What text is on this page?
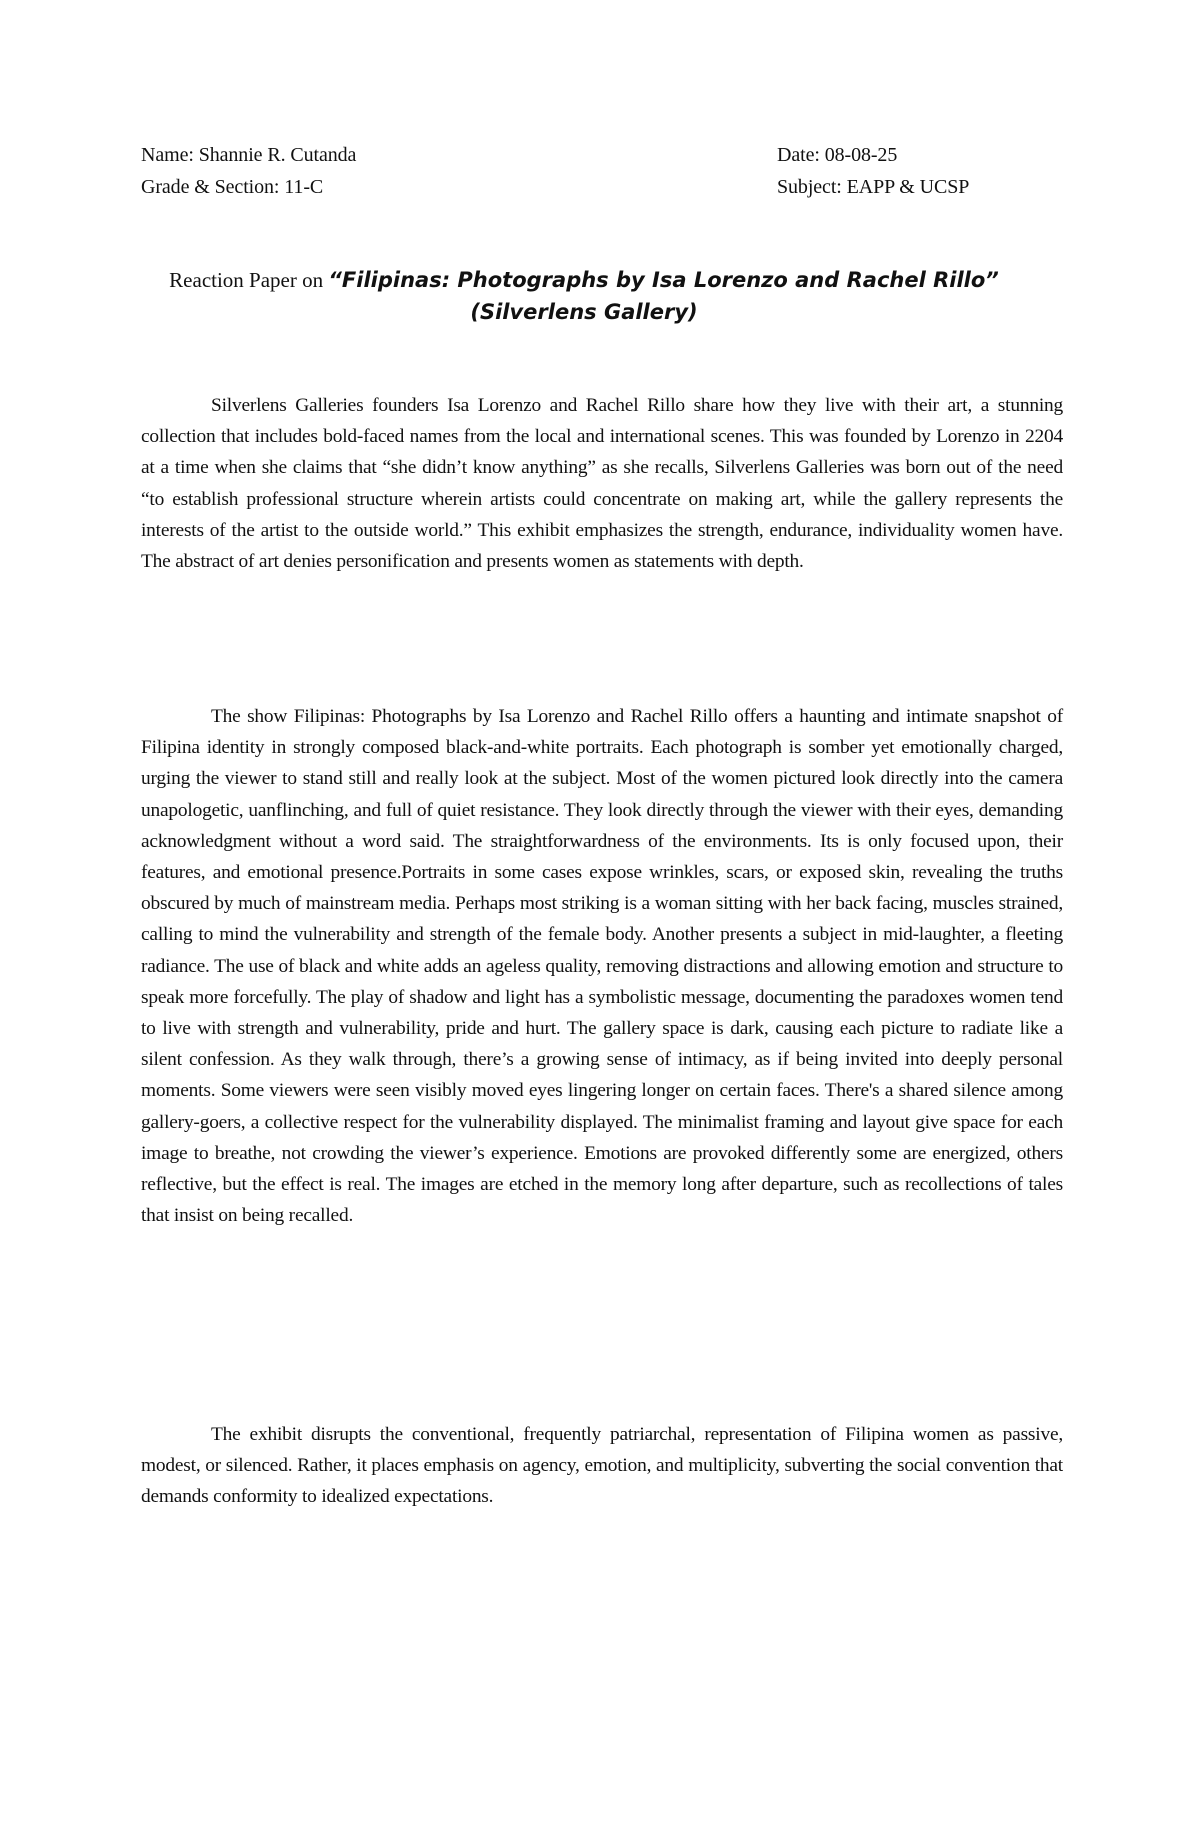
Name: Shannie R. Cutanda	Date: 08-08-25
Grade & Section: 11-C	Subject: EAPP & UCSP
Reaction Paper on “Filipinas: Photographs by Isa Lorenzo and Rachel Rillo” (Silverlens Gallery)

Silverlens Galleries founders Isa Lorenzo and Rachel Rillo share how they live with their art, a stunning collection that includes bold-faced names from the local and international scenes. This was founded by Lorenzo in 2204 at a time when she claims that “she didn’t know anything” as she recalls, Silverlens Galleries was born out of the need “to establish professional structure wherein artists could concentrate on making art, while the gallery represents the interests of the artist to the outside world.” This exhibit emphasizes the strength, endurance, individuality women have. The abstract of art denies personification and presents women as statements with depth.

The show Filipinas: Photographs by Isa Lorenzo and Rachel Rillo offers a haunting and intimate snapshot of Filipina identity in strongly composed black-and-white portraits. Each photograph is somber yet emotionally charged, urging the viewer to stand still and really look at the subject. Most of the women pictured look directly into the camera unapologetic, uanflinching, and full of quiet resistance. They look directly through the viewer with their eyes, demanding acknowledgment without a word said. The straightforwardness of the environments. Its is only focused upon, their features, and emotional presence.Portraits in some cases expose wrinkles, scars, or exposed skin, revealing the truths obscured by much of mainstream media. Perhaps most striking is a woman sitting with her back facing, muscles strained, calling to mind the vulnerability and strength of the female body. Another presents a subject in mid-laughter, a fleeting radiance. The use of black and white adds an ageless quality, removing distractions and allowing emotion and structure to speak more forcefully. The play of shadow and light has a symbolistic message, documenting the paradoxes women tend to live with strength and vulnerability, pride and hurt. The gallery space is dark, causing each picture to radiate like a silent confession. As they walk through, there’s a growing sense of intimacy, as if being invited into deeply personal moments. Some viewers were seen visibly moved eyes lingering longer on certain faces. There's a shared silence among gallery-goers, a collective respect for the vulnerability displayed. The minimalist framing and layout give space for each image to breathe, not crowding the viewer’s experience. Emotions are provoked differently some are energized, others reflective, but the effect is real. The images are etched in the memory long after departure, such as recollections of tales that insist on being recalled.

The exhibit disrupts the conventional, frequently patriarchal, representation of Filipina women as passive, modest, or silenced. Rather, it places emphasis on agency, emotion, and multiplicity, subverting the social convention that demands conformity to idealized expectations.
